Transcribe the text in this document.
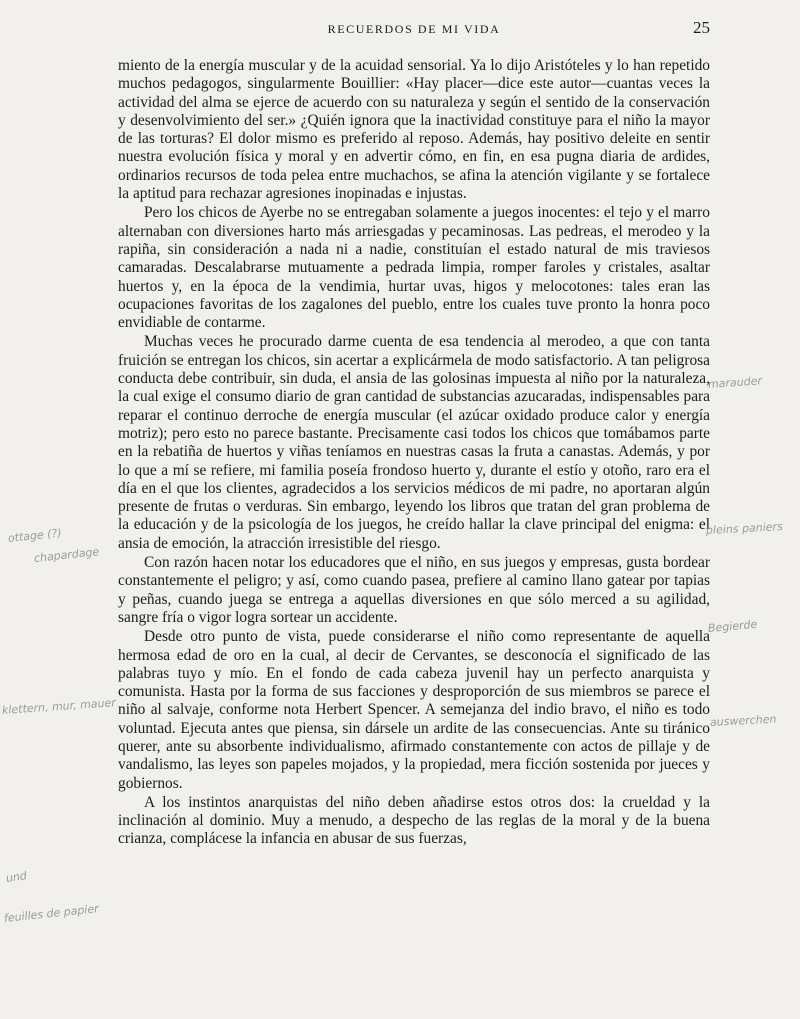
RECUERDOS DE MI VIDA	25

miento de la energía muscular y de la acuidad sensorial. Ya lo dijo Aristóteles y lo han repetido muchos pedagogos, singularmente Bouillier: «Hay placer—dice este autor—cuantas veces la actividad del alma se ejerce de acuerdo con su naturaleza y según el sentido de la conservación y desenvolvimiento del ser.» ¿Quién ignora que la inactividad constituye para el niño la mayor de las torturas? El dolor mismo es preferido al reposo. Además, hay positivo deleite en sentir nuestra evolución física y moral y en advertir cómo, en fin, en esa pugna diaria de ardides, ordinarios recursos de toda pelea entre muchachos, se afina la atención vigilante y se fortalece la aptitud para rechazar agresiones inopinadas e injustas.

Pero los chicos de Ayerbe no se entregaban solamente a juegos inocentes: el tejo y el marro alternaban con diversiones harto más arriesgadas y pecaminosas. Las pedreas, el merodeo y la rapiña, sin consideración a nada ni a nadie, constituían el estado natural de mis traviesos camaradas. Descalabrarse mutuamente a pedrada limpia, romper faroles y cristales, asaltar huertos y, en la época de la vendimia, hurtar uvas, higos y melocotones: tales eran las ocupaciones favoritas de los zagalones del pueblo, entre los cuales tuve pronto la honra poco envidiable de contarme.

Muchas veces he procurado darme cuenta de esa tendencia al merodeo, a que con tanta fruición se entregan los chicos, sin acertar a explicármela de modo satisfactorio. A tan peligrosa conducta debe contribuir, sin duda, el ansia de las golosinas impuesta al niño por la naturaleza, la cual exige el consumo diario de gran cantidad de substancias azucaradas, indispensables para reparar el continuo derroche de energía muscular (el azúcar oxidado produce calor y energía motriz); pero esto no parece bastante. Precisamente casi todos los chicos que tomábamos parte en la rebatiña de huertos y viñas teníamos en nuestras casas la fruta a canastas. Además, y por lo que a mí se refiere, mi familia poseía frondoso huerto y, durante el estío y otoño, raro era el día en el que los clientes, agradecidos a los servicios médicos de mi padre, no aportaran algún presente de frutas o verduras. Sin embargo, leyendo los libros que tratan del gran problema de la educación y de la psicología de los juegos, he creído hallar la clave principal del enigma: el ansia de emoción, la atracción irresistible del riesgo.

Con razón hacen notar los educadores que el niño, en sus juegos y empresas, gusta bordear constantemente el peligro; y así, como cuando pasea, prefiere al camino llano gatear por tapias y peñas, cuando juega se entrega a aquellas diversiones en que sólo merced a su agilidad, sangre fría o vigor logra sortear un accidente.

Desde otro punto de vista, puede considerarse el niño como representante de aquella hermosa edad de oro en la cual, al decir de Cervantes, se desconocía el significado de las palabras tuyo y mío. En el fondo de cada cabeza juvenil hay un perfecto anarquista y comunista. Hasta por la forma de sus facciones y desproporción de sus miembros se parece el niño al salvaje, conforme nota Herbert Spencer. A semejanza del indio bravo, el niño es todo voluntad. Ejecuta antes que piensa, sin dársele un ardite de las consecuencias. Ante su tiránico querer, ante su absorbente individualismo, afirmado constantemente con actos de pillaje y de vandalismo, las leyes son papeles mojados, y la propiedad, mera ficción sostenida por jueces y gobiernos.

A los instintos anarquistas del niño deben añadirse estos otros dos: la crueldad y la inclinación al dominio. Muy a menudo, a despecho de las reglas de la moral y de la buena crianza, complácese la infancia en abusar de sus fuerzas,

marauder
ottage (?)
chapardage
pleins paniers
Begierde
klettern, mur, mauer
auswerchen
und
feuilles de papier
